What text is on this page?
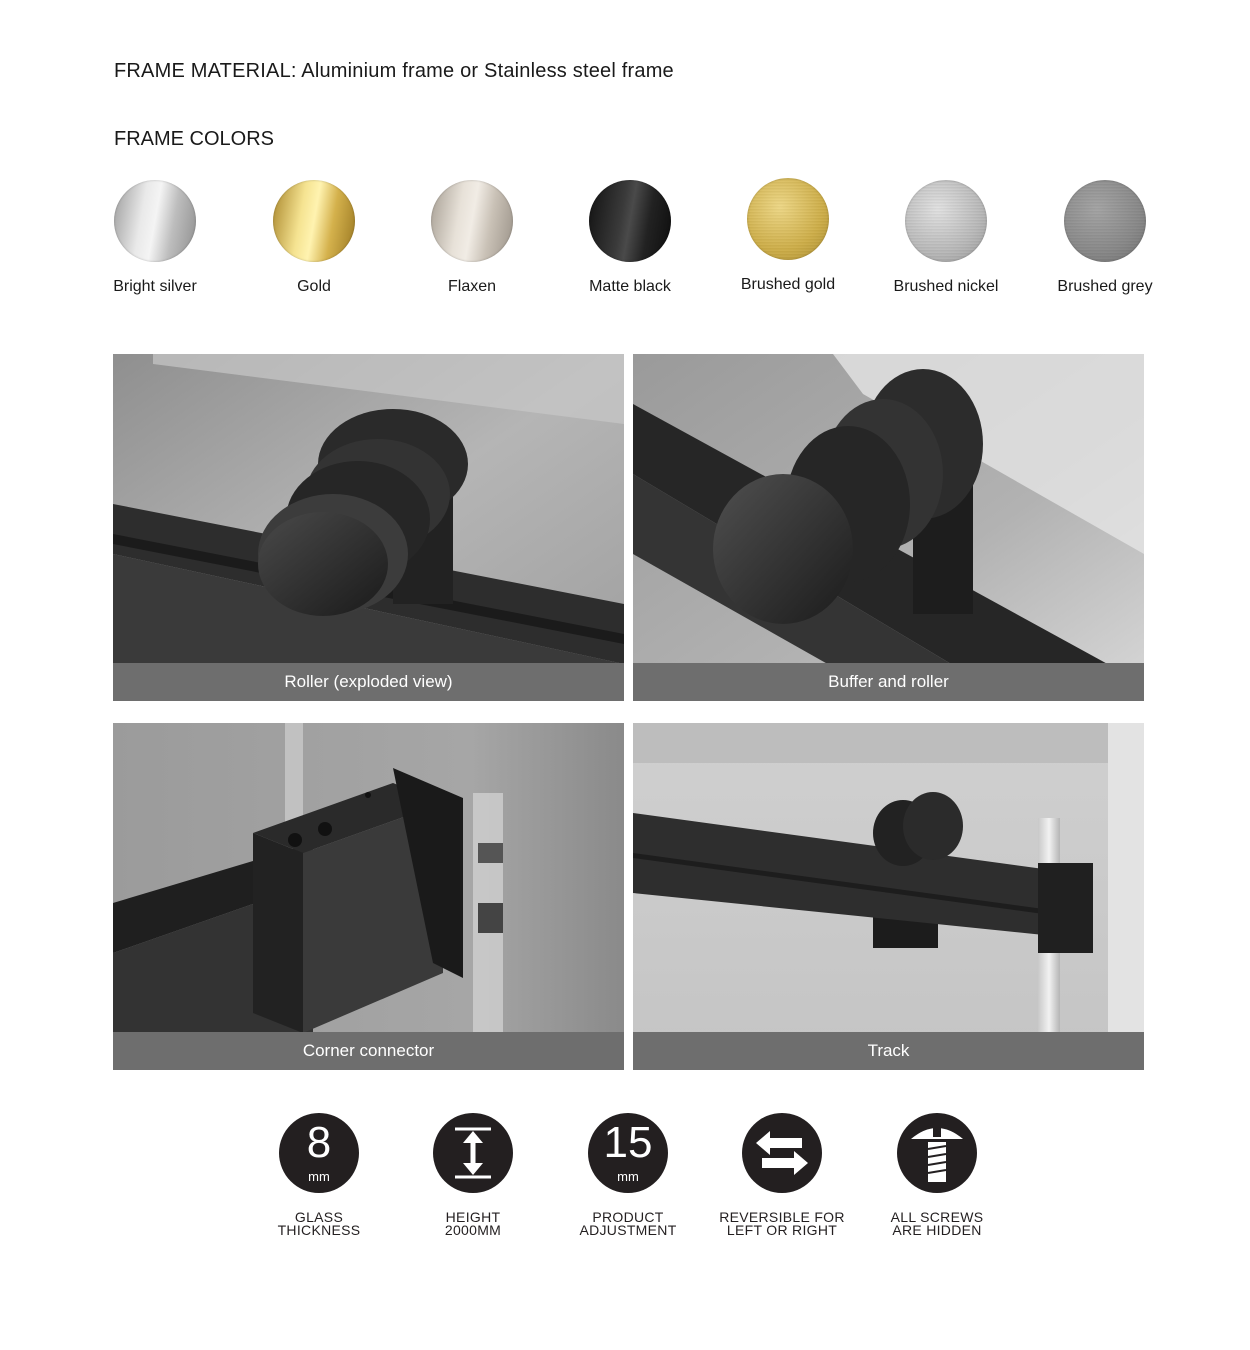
FRAME MATERIAL: Aluminium frame or Stainless steel frame
FRAME COLORS
Bright silver	Gold	Flaxen	Matte black	Brushed gold	Brushed nickel	Brushed grey
Roller (exploded view)	Buffer and roller
Corner connector	Track
8
mm
GLASS
THICKNESS
HEIGHT
2000MM
15
mm
PRODUCT
ADJUSTMENT
REVERSIBLE FOR
LEFT OR RIGHT
ALL SCREWS
ARE HIDDEN
